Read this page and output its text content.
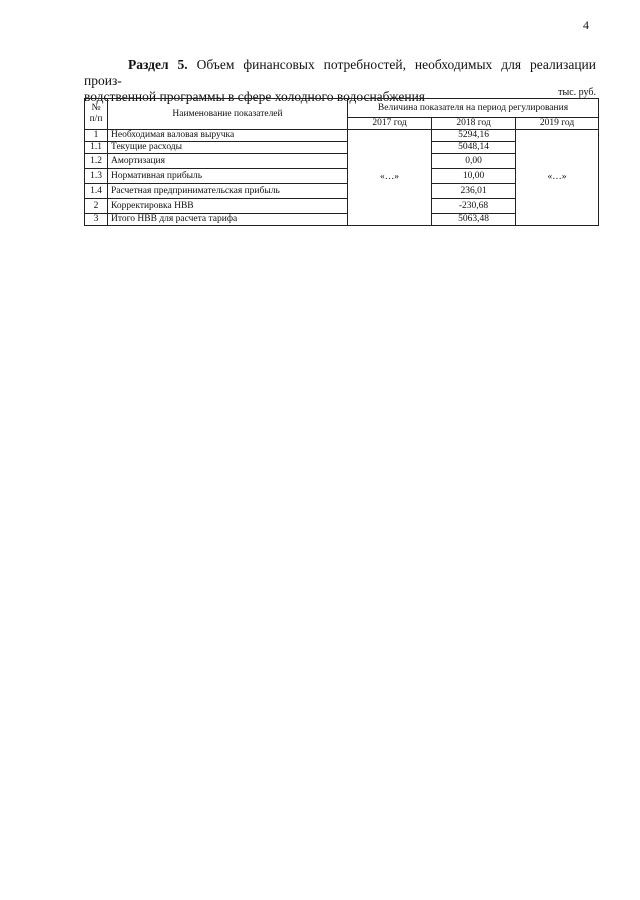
4

Раздел 5. Объем финансовых потребностей, необходимых для реализации произ-
водственной программы в сфере холодного водоснабжения	тыс. руб.
№ п/п	Наименование показателей	Величина показателя на период регулирования		
		2017 год	2018 год	2019 год
1	Необходимая валовая выручка	«…»	5294,16	«…»
1.1	Текущие расходы		5048,14	
1.2	Амортизация		0,00	
1.3	Нормативная прибыль		10,00	
1.4	Расчетная предпринимательская прибыль		236,01	
2	Корректировка НВВ		-230,68	
3	Итого НВВ для расчета тарифа		5063,48	
